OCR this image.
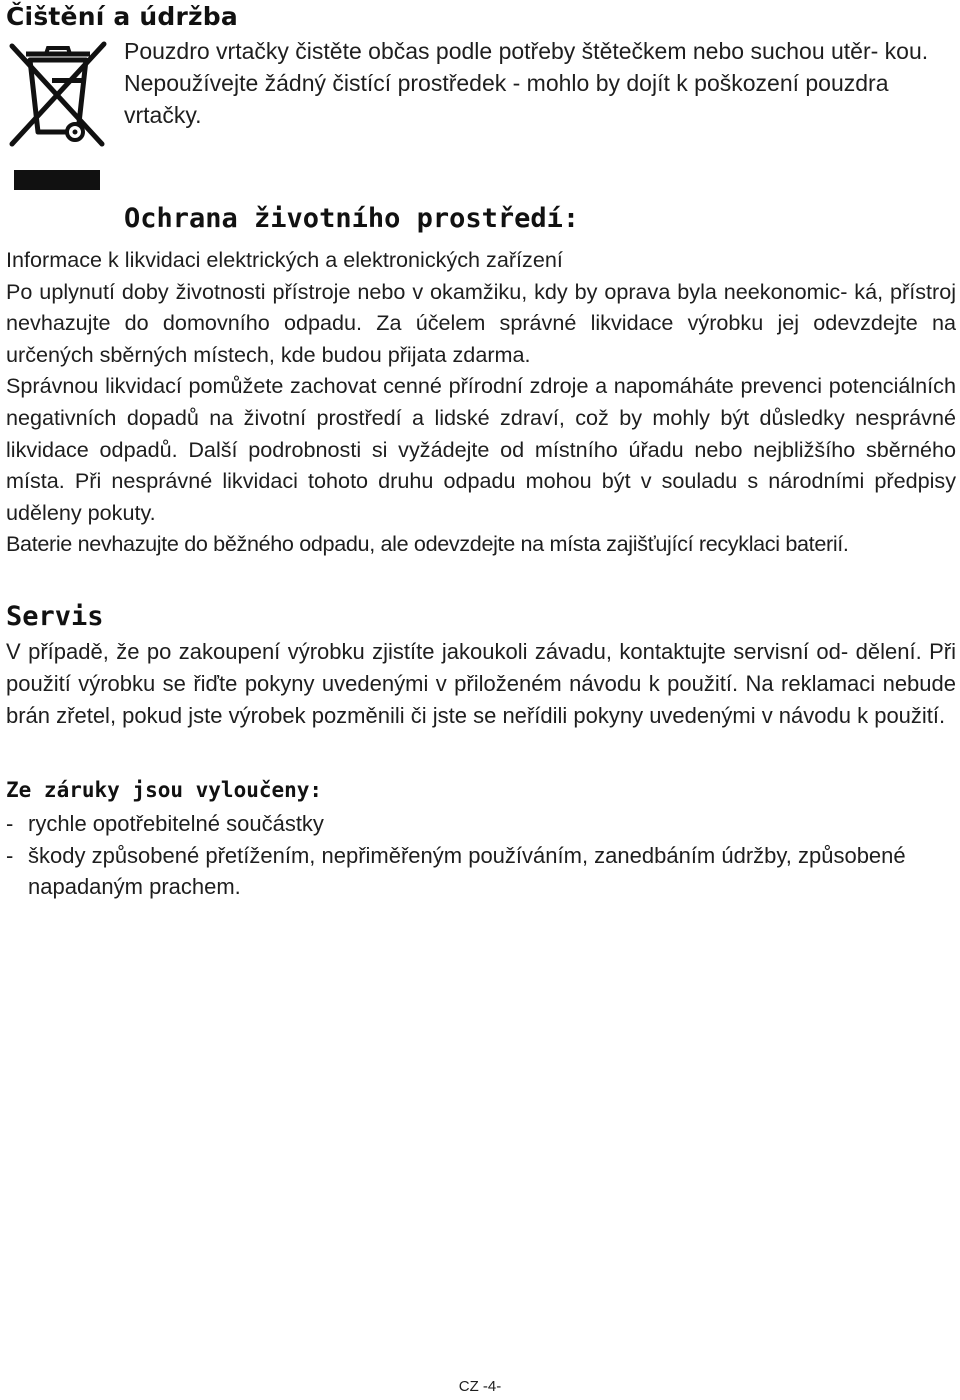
Čištění a údržba

Pouzdro vrtačky čistěte občas podle potřeby štětečkem nebo suchou utěr- kou.

Nepoužívejte žádný čistící prostředek - mohlo by dojít k poškození pouzdra vrtačky.

Ochrana životního prostředí:

Informace k likvidaci elektrických a elektronických zařízení

Po uplynutí doby životnosti přístroje nebo v okamžiku, kdy by oprava byla neekonomic- ká, přístroj nevhazujte do domovního odpadu. Za účelem správné likvidace výrobku jej odevzdejte na určených sběrných místech, kde budou přijata zdarma.

Správnou likvidací pomůžete zachovat cenné přírodní zdroje a napomáháte prevenci potenciálních negativních dopadů na životní prostředí a lidské zdraví, což by mohly být důsledky nesprávné likvidace odpadů. Další podrobnosti si vyžádejte od místního úřadu nebo nejbližšího sběrného místa. Při nesprávné likvidaci tohoto druhu odpadu mohou být v souladu s národními předpisy uděleny pokuty.

Baterie nevhazujte do běžného odpadu, ale odevzdejte na místa zajišťující recyklaci baterií.

Servis

V případě, že po zakoupení výrobku zjistíte jakoukoli závadu, kontaktujte servisní od- dělení. Při použití výrobku se řiďte pokyny uvedenými v přiloženém návodu k použití. Na reklamaci nebude brán zřetel, pokud jste výrobek pozměnili či jste se neřídili pokyny uvedenými v návodu k použití.

Ze záruky jsou vyloučeny:
- rychle opotřebitelné součástky
- škody způsobené přetížením, nepřiměřeným používáním, zanedbáním údržby, způsobené napadaným prachem.
CZ -4-
